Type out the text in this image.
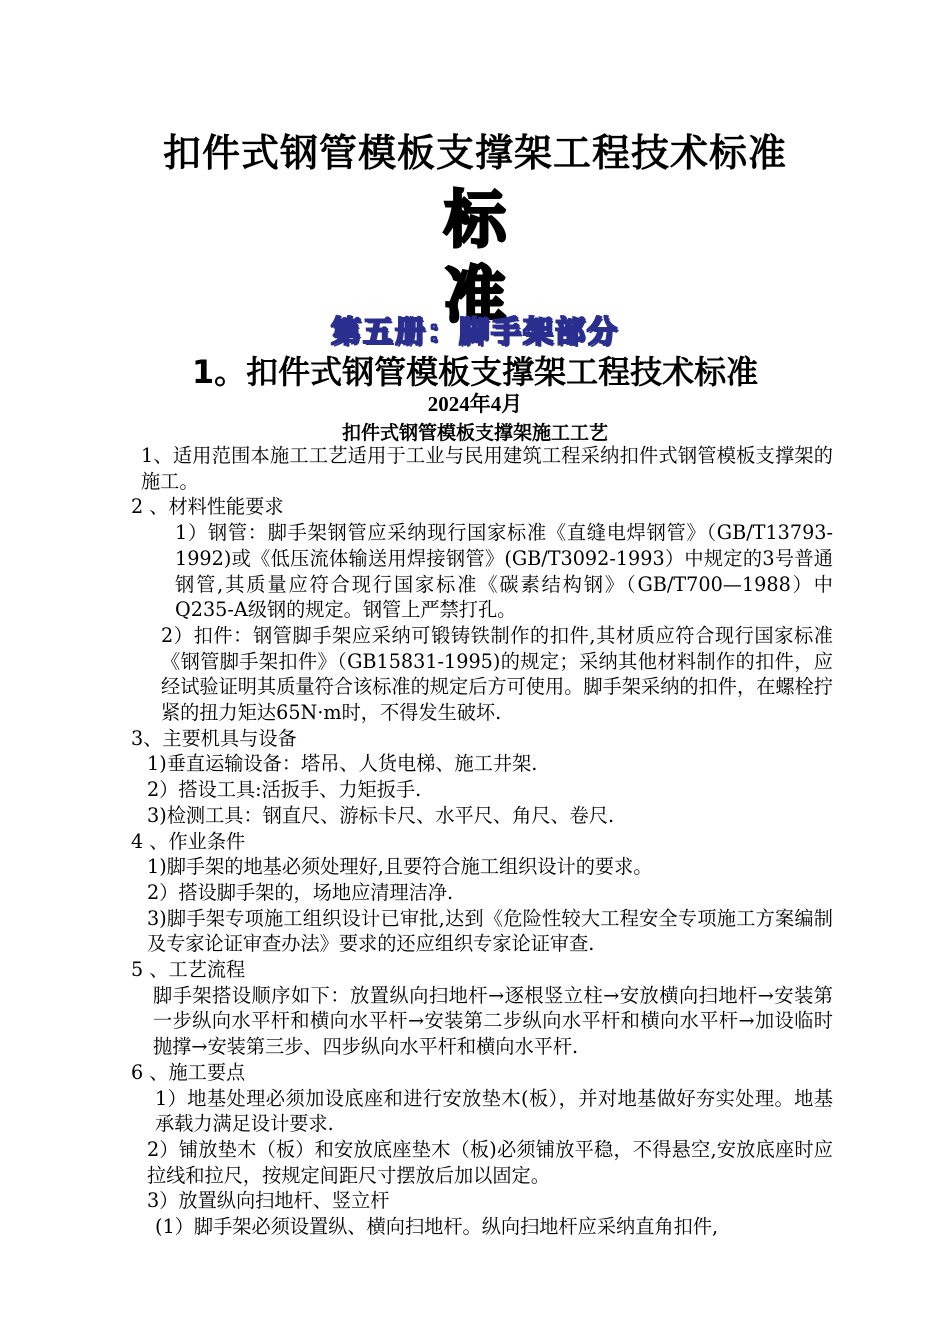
扣件式钢管模板支撑架工程技术标准
标
准
第五册：脚手架部分
1。扣件式钢管模板支撑架工程技术标准
2024年4月
扣件式钢管模板支撑架施工工艺

1、适用范围本施工工艺适用于工业与民用建筑工程采纳扣件式钢管模板支撑架的施工。

2 、材料性能要求

1）钢管：脚手架钢管应采纳现行国家标准《直缝电焊钢管》（GB/T13793-1992)或《低压流体输送用焊接钢管》(GB/T3092-1993）中规定的3号普通钢管,其质量应符合现行国家标准《碳素结构钢》（GB/T700—1988）中Q235-A级钢的规定。钢管上严禁打孔。

2）扣件：钢管脚手架应采纳可锻铸铁制作的扣件,其材质应符合现行国家标准《钢管脚手架扣件》（GB15831-1995)的规定；采纳其他材料制作的扣件，应经试验证明其质量符合该标准的规定后方可使用。脚手架采纳的扣件，在螺栓拧紧的扭力矩达65N·m时，不得发生破坏.

3、主要机具与设备

1)垂直运输设备：塔吊、人货电梯、施工井架.

2）搭设工具:活扳手、力矩扳手.

3)检测工具：钢直尺、游标卡尺、水平尺、角尺、卷尺.

4 、作业条件

1)脚手架的地基必须处理好,且要符合施工组织设计的要求。

2）搭设脚手架的，场地应清理洁净.

3)脚手架专项施工组织设计已审批,达到《危险性较大工程安全专项施工方案编制及专家论证审查办法》要求的还应组织专家论证审查.

5 、工艺流程

脚手架搭设顺序如下：放置纵向扫地杆→逐根竖立柱→安放横向扫地杆→安装第一步纵向水平杆和横向水平杆→安装第二步纵向水平杆和横向水平杆→加设临时抛撑→安装第三步、四步纵向水平杆和横向水平杆.

6 、施工要点

1）地基处理必须加设底座和进行安放垫木(板），并对地基做好夯实处理。地基承载力满足设计要求.

2）铺放垫木（板）和安放底座垫木（板)必须铺放平稳，不得悬空,安放底座时应拉线和拉尺，按规定间距尺寸摆放后加以固定。

3）放置纵向扫地杆、竖立杆

(1）脚手架必须设置纵、横向扫地杆。纵向扫地杆应采纳直角扣件,
